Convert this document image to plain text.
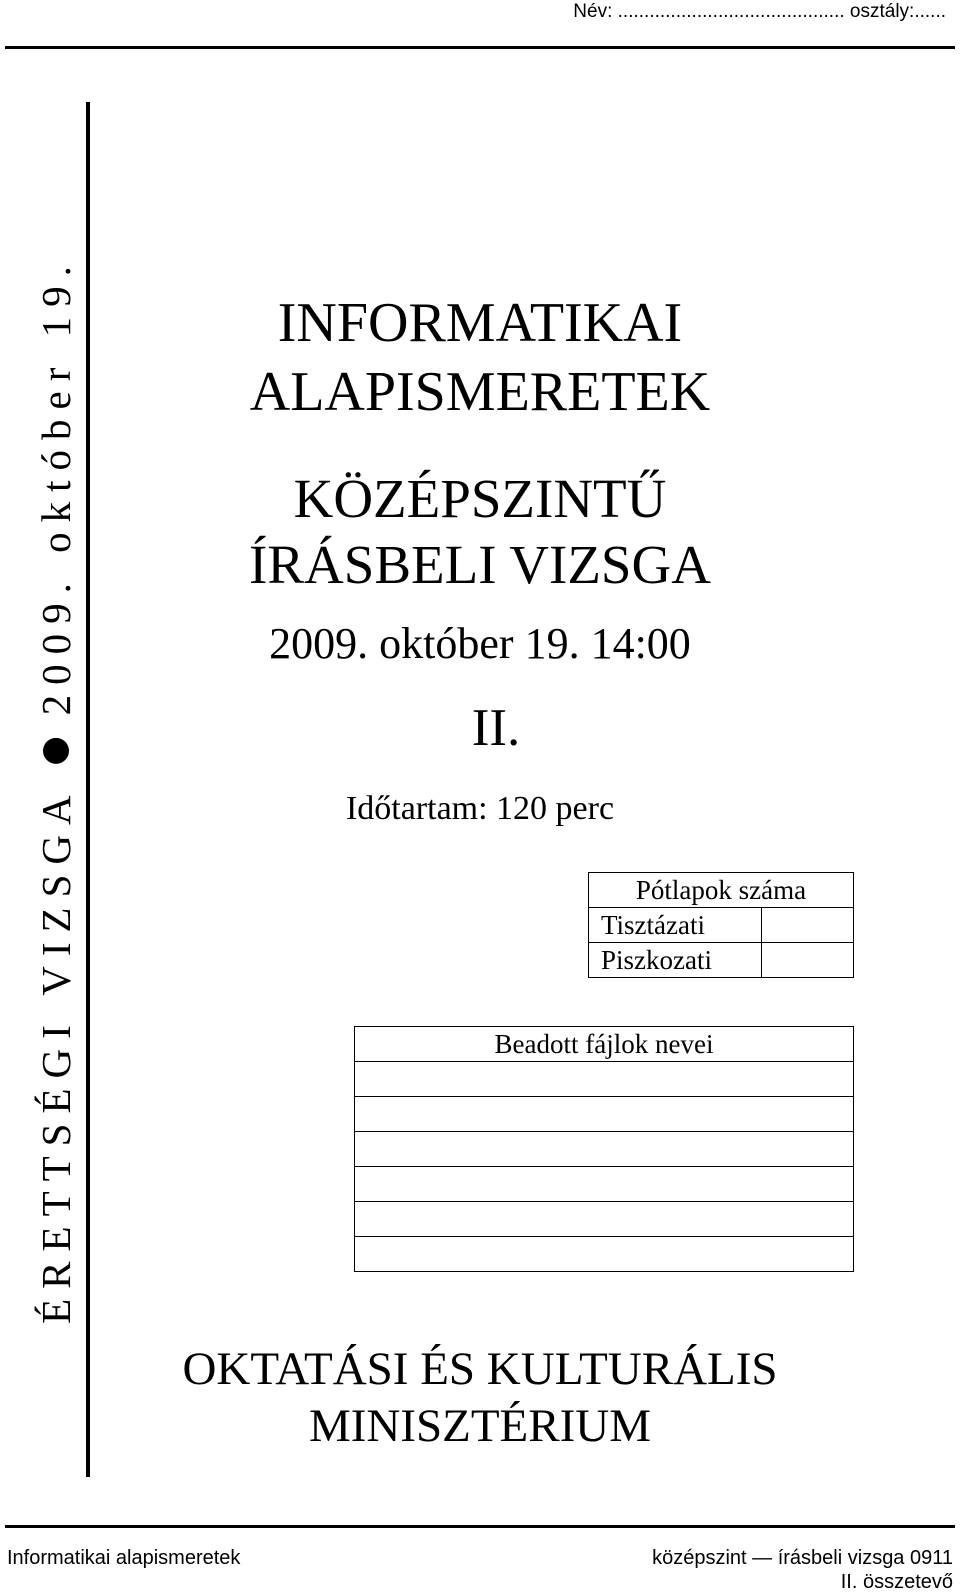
Név: ........................................... osztály:......
ÉRETTSÉGI VIZSGA
2009. október 19.	INFORMATIKAI
ALAPISMERETEK
KÖZÉPSZINTŰ
ÍRÁSBELI VIZSGA
2009. október 19. 14:00
II.
Időtartam: 120 perc
Pótlapok száma	
Tisztázati	
Piszkozati	
Beadott fájlok nevei

OKTATÁSI ÉS KULTURÁLIS
MINISZTÉRIUM
Informatikai alapismeretek	középszint — írásbeli vizsga 0911
II. összetevő
